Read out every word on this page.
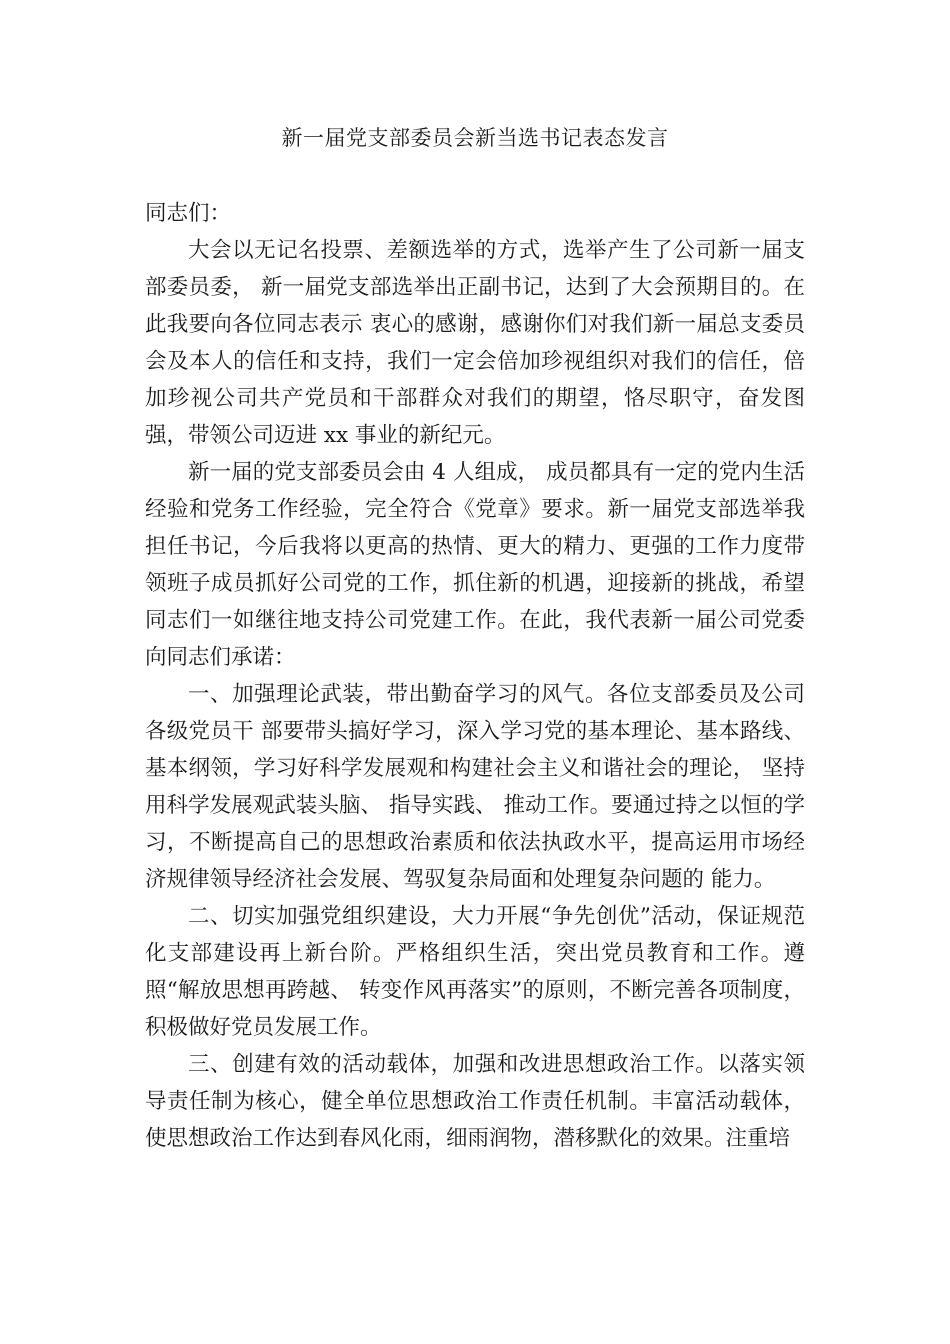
新一届党支部委员会新当选书记表态发言

同志们：

大会以无记名投票、差额选举的方式，选举产生了公司新一届支部委员委， 新一届党支部选举出正副书记，达到了大会预期目的。在此我要向各位同志表示 衷心的感谢，感谢你们对我们新一届总支委员会及本人的信任和支持，我们一定会倍加珍视组织对我们的信任，倍加珍视公司共产党员和干部群众对我们的期望，恪尽职守，奋发图强，带领公司迈进 xx 事业的新纪元。

新一届的党支部委员会由 4 人组成， 成员都具有一定的党内生活经验和党务工作经验，完全符合《党章》要求。新一届党支部选举我担任书记，今后我将以更高的热情、更大的精力、更强的工作力度带领班子成员抓好公司党的工作，抓住新的机遇，迎接新的挑战，希望同志们一如继往地支持公司党建工作。在此，我代表新一届公司党委向同志们承诺：

一、加强理论武装，带出勤奋学习的风气。各位支部委员及公司各级党员干 部要带头搞好学习，深入学习党的基本理论、基本路线、基本纲领，学习好科学发展观和构建社会主义和谐社会的理论， 坚持用科学发展观武装头脑、 指导实践、 推动工作。要通过持之以恒的学习，不断提高自己的思想政治素质和依法执政水平，提高运用市场经济规律领导经济社会发展、驾驭复杂局面和处理复杂问题的 能力。

二、切实加强党组织建设，大力开展“争先创优”活动，保证规范化支部建设再上新台阶。严格组织生活，突出党员教育和工作。遵照“解放思想再跨越、 转变作风再落实”的原则，不断完善各项制度，积极做好党员发展工作。

三、创建有效的活动载体，加强和改进思想政治工作。以落实领导责任制为核心，健全单位思想政治工作责任机制。丰富活动载体，使思想政治工作达到春风化雨，细雨润物，潜移默化的效果。注重培
